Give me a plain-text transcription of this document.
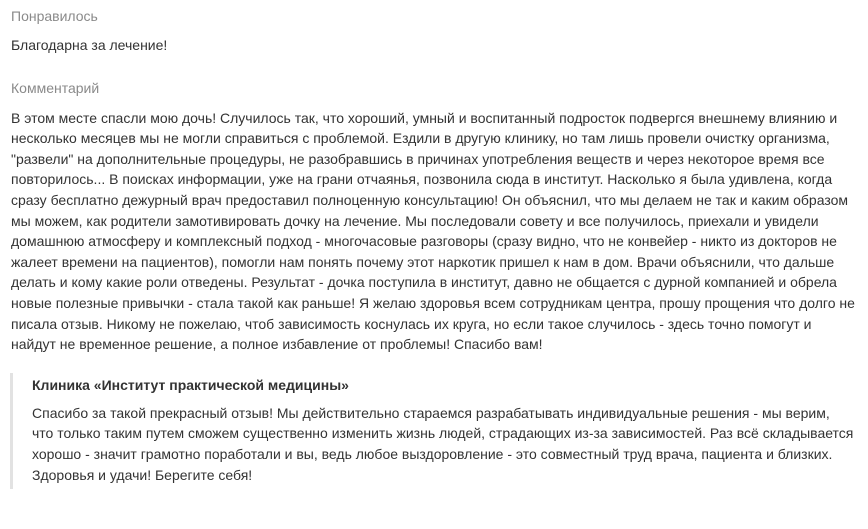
Понравилось

Благодарна за лечение!

Комментарий

В этом месте спасли мою дочь! Случилось так, что хороший, умный и воспитанный подросток подвергся внешнему влиянию и несколько месяцев мы не могли справиться с проблемой. Ездили в другую клинику, но там лишь провели очистку организма, "развели" на дополнительные процедуры, не разобравшись в причинах употребления веществ и через некоторое время все повторилось... В поисках информации, уже на грани отчаянья, позвонила сюда в институт. Насколько я была удивлена, когда сразу бесплатно дежурный врач предоставил полноценную консультацию! Он объяснил, что мы делаем не так и каким образом мы можем, как родители замотивировать дочку на лечение. Мы последовали совету и все получилось, приехали и увидели домашнюю атмосферу и комплексный подход - многочасовые разговоры (сразу видно, что не конвейер - никто из докторов не жалеет времени на пациентов), помогли нам понять почему этот наркотик пришел к нам в дом. Врачи объяснили, что дальше делать и кому какие роли отведены. Результат - дочка поступила в институт, давно не общается с дурной компанией и обрела новые полезные привычки - стала такой как раньше! Я желаю здоровья всем сотрудникам центра, прошу прощения что долго не писала отзыв. Никому не пожелаю, чтоб зависимость коснулась их круга, но если такое случилось - здесь точно помогут и найдут не временное решение, а полное избавление от проблемы! Спасибо вам!

Клиника «Институт практической медицины»

Спасибо за такой прекрасный отзыв! Мы действительно стараемся разрабатывать индивидуальные решения - мы верим, что только таким путем сможем существенно изменить жизнь людей, страдающих из-за зависимостей. Раз всё складывается хорошо - значит грамотно поработали и вы, ведь любое выздоровление - это совместный труд врача, пациента и близких. Здоровья и удачи! Берегите себя!
